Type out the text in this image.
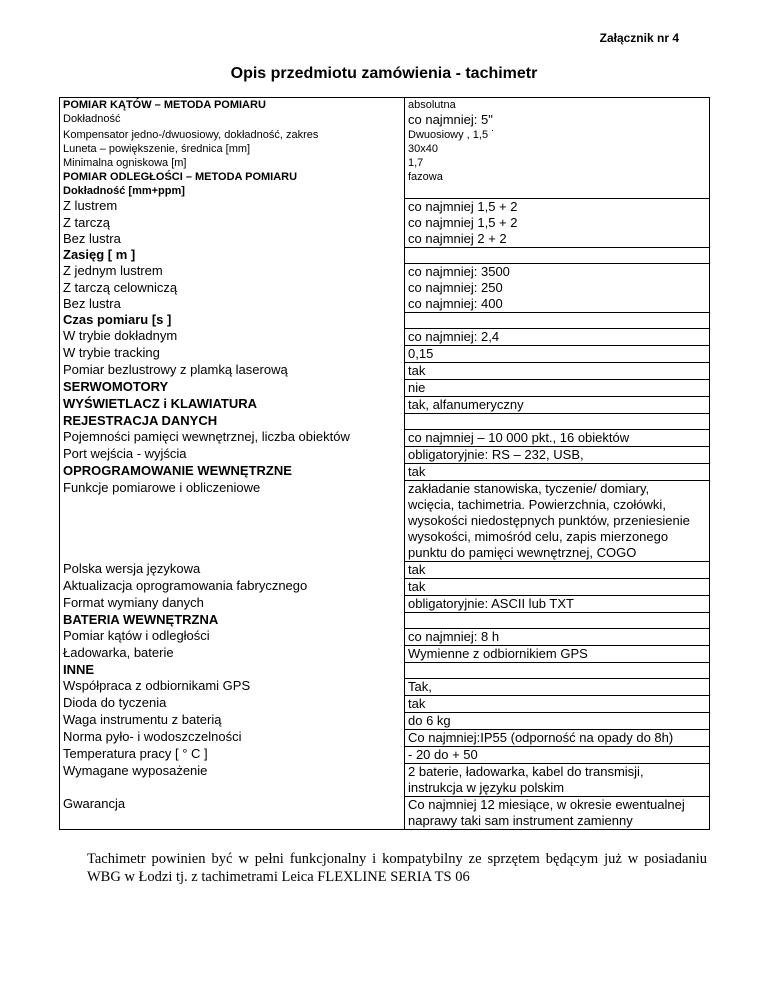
Załącznik nr 4
Opis przedmiotu zamówienia - tachimetr
POMIAR KĄTÓW – METODA POMIARU	absolutna
Dokładność	co najmniej: 5"
Kompensator jedno-/dwuosiowy, dokładność, zakres	Dwuosiowy , 1,5 ˙
Luneta – powiększenie, średnica [mm]	30x40
Minimalna ogniskowa [m]	1,7
POMIAR ODLEGŁOŚCI – METODA POMIARU	fazowa
Dokładność [mm+ppm]	
Z lustrem	co najmniej 1,5 + 2
Z tarczą	co najmniej 1,5 + 2
Bez lustra	co najmniej 2 + 2
Zasięg [ m ]	
Z jednym lustrem	co najmniej: 3500
Z tarczą celowniczą	co najmniej: 250
Bez lustra	co najmniej: 400
Czas pomiaru [s ]	
W trybie dokładnym	co najmniej: 2,4
W trybie tracking	0,15
Pomiar bezlustrowy z plamką laserową	tak
SERWOMOTORY	nie
WYŚWIETLACZ i KLAWIATURA	tak, alfanumeryczny
REJESTRACJA DANYCH	
Pojemności pamięci wewnętrznej, liczba obiektów	co najmniej – 10 000 pkt., 16 obiektów
Port wejścia - wyjścia	obligatoryjnie: RS – 232, USB,
OPROGRAMOWANIE WEWNĘTRZNE	tak
Funkcje pomiarowe i obliczeniowe	zakładanie stanowiska, tyczenie/ domiary,
wcięcia, tachimetria. Powierzchnia, czołówki,
wysokości niedostępnych punktów, przeniesienie
wysokości, mimośród celu, zapis mierzonego
punktu do pamięci wewnętrznej, COGO
Polska wersja językowa	tak
Aktualizacja oprogramowania fabrycznego	tak
Format wymiany danych	obligatoryjnie: ASCII lub TXT
BATERIA WEWNĘTRZNA	
Pomiar kątów i odległości	co najmniej: 8 h
Ładowarka, baterie	Wymienne z odbiornikiem GPS
INNE	
Współpraca z odbiornikami GPS	Tak,
Dioda do tyczenia	tak
Waga instrumentu z baterią	do 6 kg
Norma pyło- i wodoszczelności	Co najmniej:IP55 (odporność na opady do 8h)
Temperatura pracy [ ° C ]	- 20 do + 50
Wymagane wyposażenie	2 baterie, ładowarka, kabel do transmisji,
instrukcja w języku polskim
Gwarancja	Co najmniej 12 miesiące, w okresie ewentualnej
naprawy taki sam instrument zamienny
Tachimetr powinien być w pełni funkcjonalny i kompatybilny ze sprzętem będącym już w posiadaniu WBG w Łodzi tj. z tachimetrami Leica FLEXLINE SERIA TS 06
